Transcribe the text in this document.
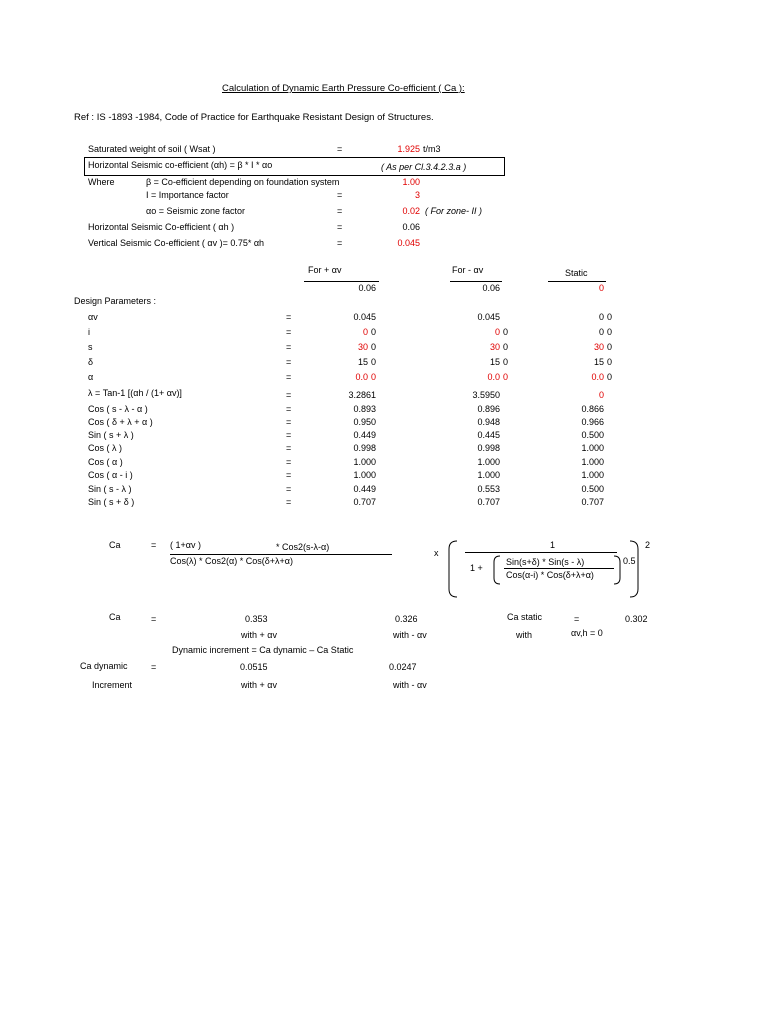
Calculation of Dynamic Earth Pressure Co-efficient ( Ca ):
Ref : IS -1893 -1984, Code of Practice for Earthquake Resistant Design of Structures.
Saturated weight of soil ( Wsat )	=	1.925 t/m3
Horizontal Seismic co-efficient (αh) = β * I * αo	( As per Cl.3.4.2.3.a )
Where	β = Co-efficient depending on foundation system	1.00
I = Importance factor	=	3
αo = Seismic zone factor	=	0.02 ( For zone- II )
Horizontal Seismic Co-efficient ( αh )	=	0.06
Vertical Seismic Co-efficient ( αv )= 0.75* αh	=	0.045
For + αv	For - αv	Static
0.06	0.06	0
Design Parameters :
αv	=	0.045	0.045	0 0
i	=	0 0	0 0	0 0
s	=	30 0	30 0	30 0
δ	=	15 0	15 0	15 0
α	=	0.0 0	0.0 0	0.0 0
λ = Tan-1 [(αh / (1+ αv)]	=	3.2861	3.5950	0
Cos ( s - λ - α )	=	0.893	0.896	0.866
Cos ( δ + λ + α )	=	0.950	0.948	0.966
Sin ( s + λ )	=	0.449	0.445	0.500
Cos ( λ )	=	0.998	0.998	1.000
Cos ( α )	=	1.000	1.000	1.000
Cos ( α - i )	=	1.000	1.000	1.000
Sin ( s - λ )	=	0.449	0.553	0.500
Sin ( s + δ )	=	0.707	0.707	0.707
Ca	= ( 1+αv )	* Cos2(s-λ-α)
Cos(λ) * Cos2(α) * Cos(δ+λ+α)
x
1
1 +
Sin(s+δ) * Sin(s - λ)
Cos(α-i) * Cos(δ+λ+α)
0.5
2
Ca	=	0.353	0.326	Ca static	=	0.302
with + αv	with - αv	with	αv,h = 0
Dynamic increment = Ca dynamic – Ca Static
Ca dynamic	=	0.0515	0.0247
Increment	with + αv	with - αv
